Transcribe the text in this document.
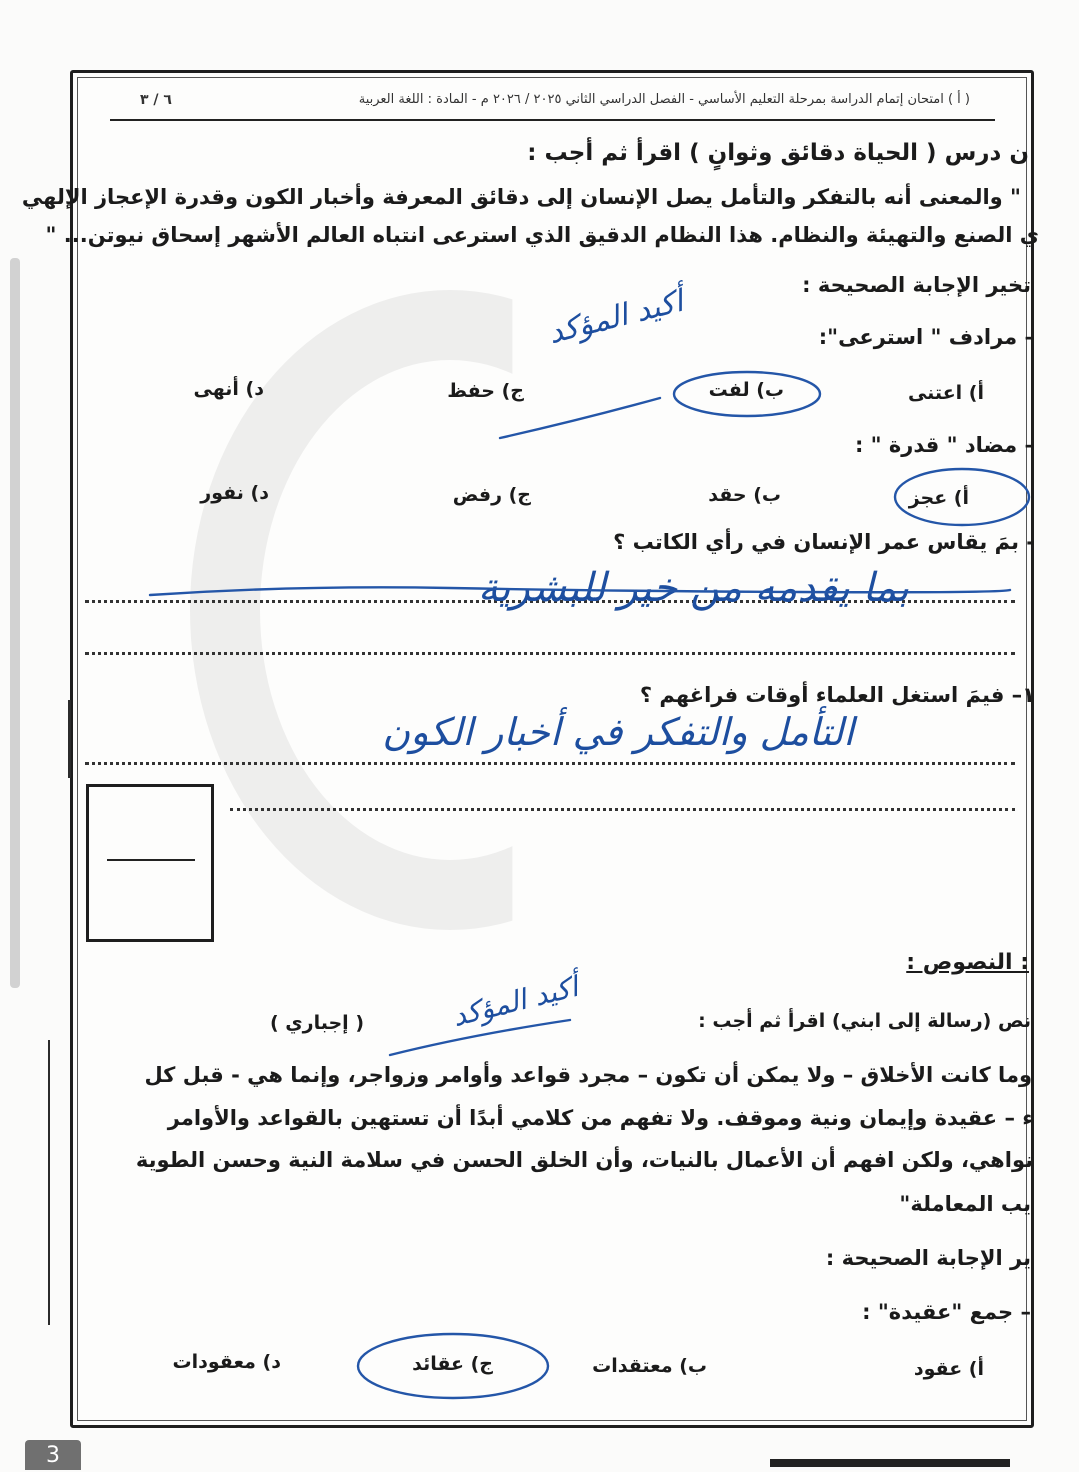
( أ ) امتحان إتمام الدراسة بمرحلة التعليم الأساسي - الفصل الدراسي الثاني ٢٠٢٥ / ٢٠٢٦ م - المادة : اللغة العربية
٦ / ٣
ن درس ( الحياة دقائق وثوانٍ ) اقرأ ثم أجب :
" والمعنى أنه بالتفكر والتأمل يصل الإنسان إلى دقائق المعرفة وأخبار الكون وقدرة الإعجاز الإلهي
ي الصنع والتهيئة والنظام. هذا النظام الدقيق الذي استرعى انتباه العالم الأشهر إسحاق نيوتن... "
تخير الإجابة الصحيحة :
– مرادف " استرعى":
أ) اعتنى
ب) لفت
ج) حفظ
د) أنهى
– مضاد " قدرة " :
أ) عجز
ب) حقد
ج) رفض
د) نفور
- بمَ يقاس عمر الإنسان في رأي الكاتب ؟
١– فيمَ استغل العلماء أوقات فراغهم ؟
بما يقدمه من خير للبشرية
التأمل والتفكر في أخبار الكون
أكيد المؤكد
: النصوص :
نص (رسالة إلى ابني) اقرأ ثم أجب :
( إجباري )	أكيد المؤكد
وما كانت الأخلاق – ولا يمكن أن تكون – مجرد قواعد وأوامر وزواجر، وإنما هي - قبل كل
ء – عقيدة وإيمان ونية وموقف. ولا تفهم من كلامي أبدًا أن تستهين بالقواعد والأوامر
نواهي، ولكن افهم أن الأعمال بالنيات، وأن الخلق الحسن في سلامة النية وحسن الطوية
يب المعاملة"
ير الإجابة الصحيحة :
– جمع "عقيدة" :
أ) عقود
ب) معتقدات
ج) عقائد
د) معقودات
3
